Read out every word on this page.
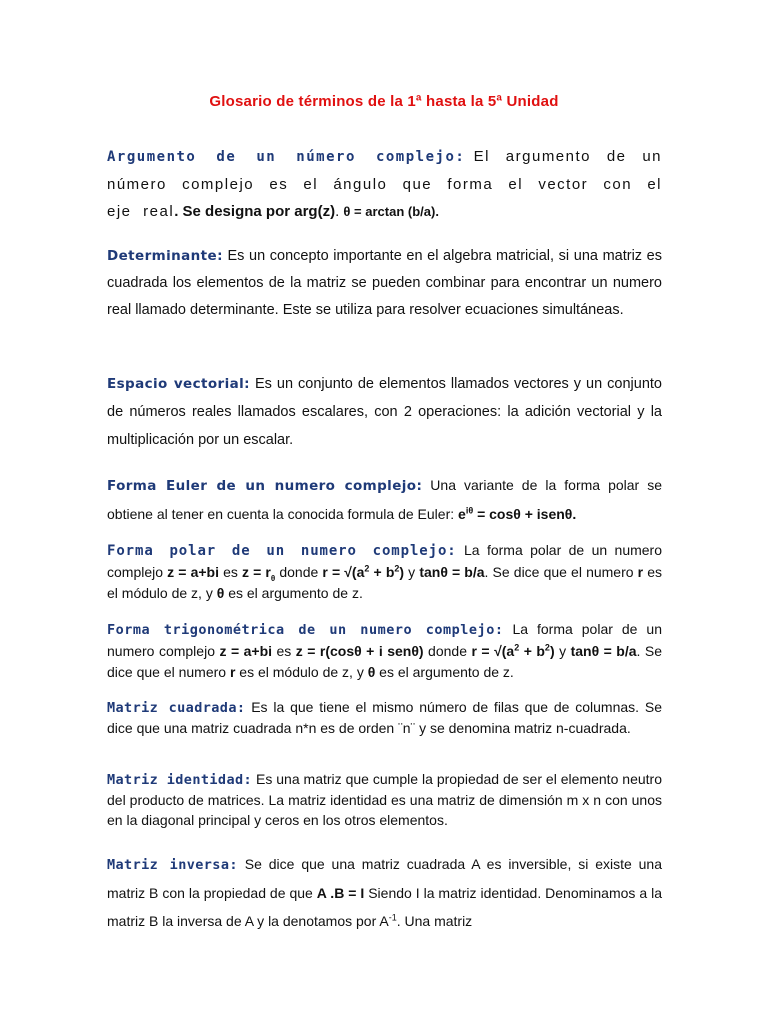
Glosario de términos de la 1ª hasta la 5ª Unidad
Argumento de un número complejo: El argumento de un número complejo es el ángulo que forma el vector con el eje real. Se designa por arg(z). θ = arctan (b/a).
Determinante: Es un concepto importante en el algebra matricial, si una matriz es cuadrada los elementos de la matriz se pueden combinar para encontrar un numero real llamado determinante. Este se utiliza para resolver ecuaciones simultáneas.
Espacio vectorial: Es un conjunto de elementos llamados vectores y un conjunto de números reales llamados escalares, con 2 operaciones: la adición vectorial y la multiplicación por un escalar.
Forma Euler de un numero complejo: Una variante de la forma polar se obtiene al tener en cuenta la conocida formula de Euler: $e^{i\theta} = \cos\theta$ + isenθ.
Forma polar de un numero complejo: La forma polar de un numero complejo z = a+bi es $z = r_\theta$ donde $r = √(a^2 + b^2)$ y tanθ = b/a. Se dice que el numero r es el módulo de z, y θ es el argumento de z.
Forma trigonométrica de un numero complejo: La forma polar de un numero complejo z = a+bi es z = r(cosθ + i senθ) donde $r = √(a^2 + b^2)$ y tanθ = b/a. Se dice que el numero r es el módulo de z, y θ es el argumento de z.
Matriz cuadrada: Es la que tiene el mismo número de filas que de columnas. Se dice que una matriz cuadrada n*n es de orden ¨n¨ y se denomina matriz n-cuadrada.
Matriz identidad: Es una matriz que cumple la propiedad de ser el elemento neutro del producto de matrices. La matriz identidad es una matriz de dimensión m x n con unos en la diagonal principal y ceros en los otros elementos.
Matriz inversa: Se dice que una matriz cuadrada A es inversible, si existe una matriz B con la propiedad de que A .B = I Siendo I la matriz identidad. Denominamos a la matriz B la inversa de A y la denotamos por $A^{-1}$. Una matriz
